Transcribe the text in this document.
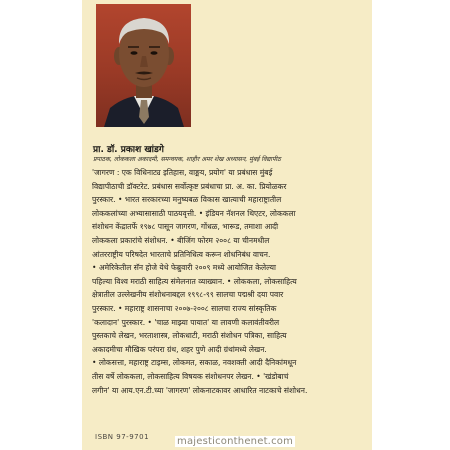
प्रा. डॉ. प्रकाश खांडगे
प्रपाठक, लोककला अकादमी, समन्वयक, शाहीर अमर शेख अध्यासन, मुंबई विद्यापीठ
'जागरण : एक विधिनाट्य इतिहास, वाङ्मय, प्रयोग' या प्रबंधास मुंबई
विद्यापीठाची डॉक्टरेट. प्रबंधास सर्वोत्कृष्ट प्रबंधाचा प्रा. अ. का. प्रियोळकर
पुरस्कार. • भारत सरकारच्या मनुष्यबळ विकास खात्याची महाराष्ट्रातील
लोककलांच्या अभ्यासासाठी पाठयवृत्ती. • इंडियन नॅशनल थिएटर, लोककला
संशोधन केंद्रातर्फे १९७८ पासून जागरण, गोंधळ, भारूड, तमाशा आदी
लोककला प्रकारांचे संशोधन. • बीजिंग फोरम २००८ या चीनमधील
आंतरराष्ट्रीय परिषदेत भारताचे प्रतिनिधित्व करून शोधनिबंध वाचन.
• अमेरिकेतील सॅन होजे येथे फेब्रुवारी २००९ मध्ये आयोजित केलेल्या
पहिल्या विश्व मराठी साहित्य संमेलनात व्याख्यान. • लोककला, लोकसाहित्य
क्षेत्रातील उल्लेखनीय संशोधनाबद्दल १९९८-९९ सालचा पद्मश्री दया पवार
पुरस्कार. • महाराष्ट्र शासनाचा २००७-२००८ सालचा राज्य सांस्कृतिक
'कलादान' पुरस्कार. • 'चाळ माझ्या पायात' या लावणी कलावंतीवरील
पुस्तकाचे लेखन, भरताशास्त्र, लोकधाटी, मराठी संशोधन पत्रिका, साहित्य
अकादमीचा मौखिक परंपरा ग्रंथ, शहर पुणे आदी ग्रंथांमध्ये लेखन.
• लोकसत्ता, महाराष्ट्र टाइम्स, लोकमत, सकाळ, नवशक्ती आदी दैनिकांमधून
तीस वर्षे लोककला, लोकसाहित्य विषयक संशोधनपर लेखन. • 'खंडोबाचं
लगीन' या आय.एन.टी.च्या 'जागरण' लोकनाटकावर आधारित नाटकाचे संशोधन.
ISBN 97-9701	majesticonthenet.com
